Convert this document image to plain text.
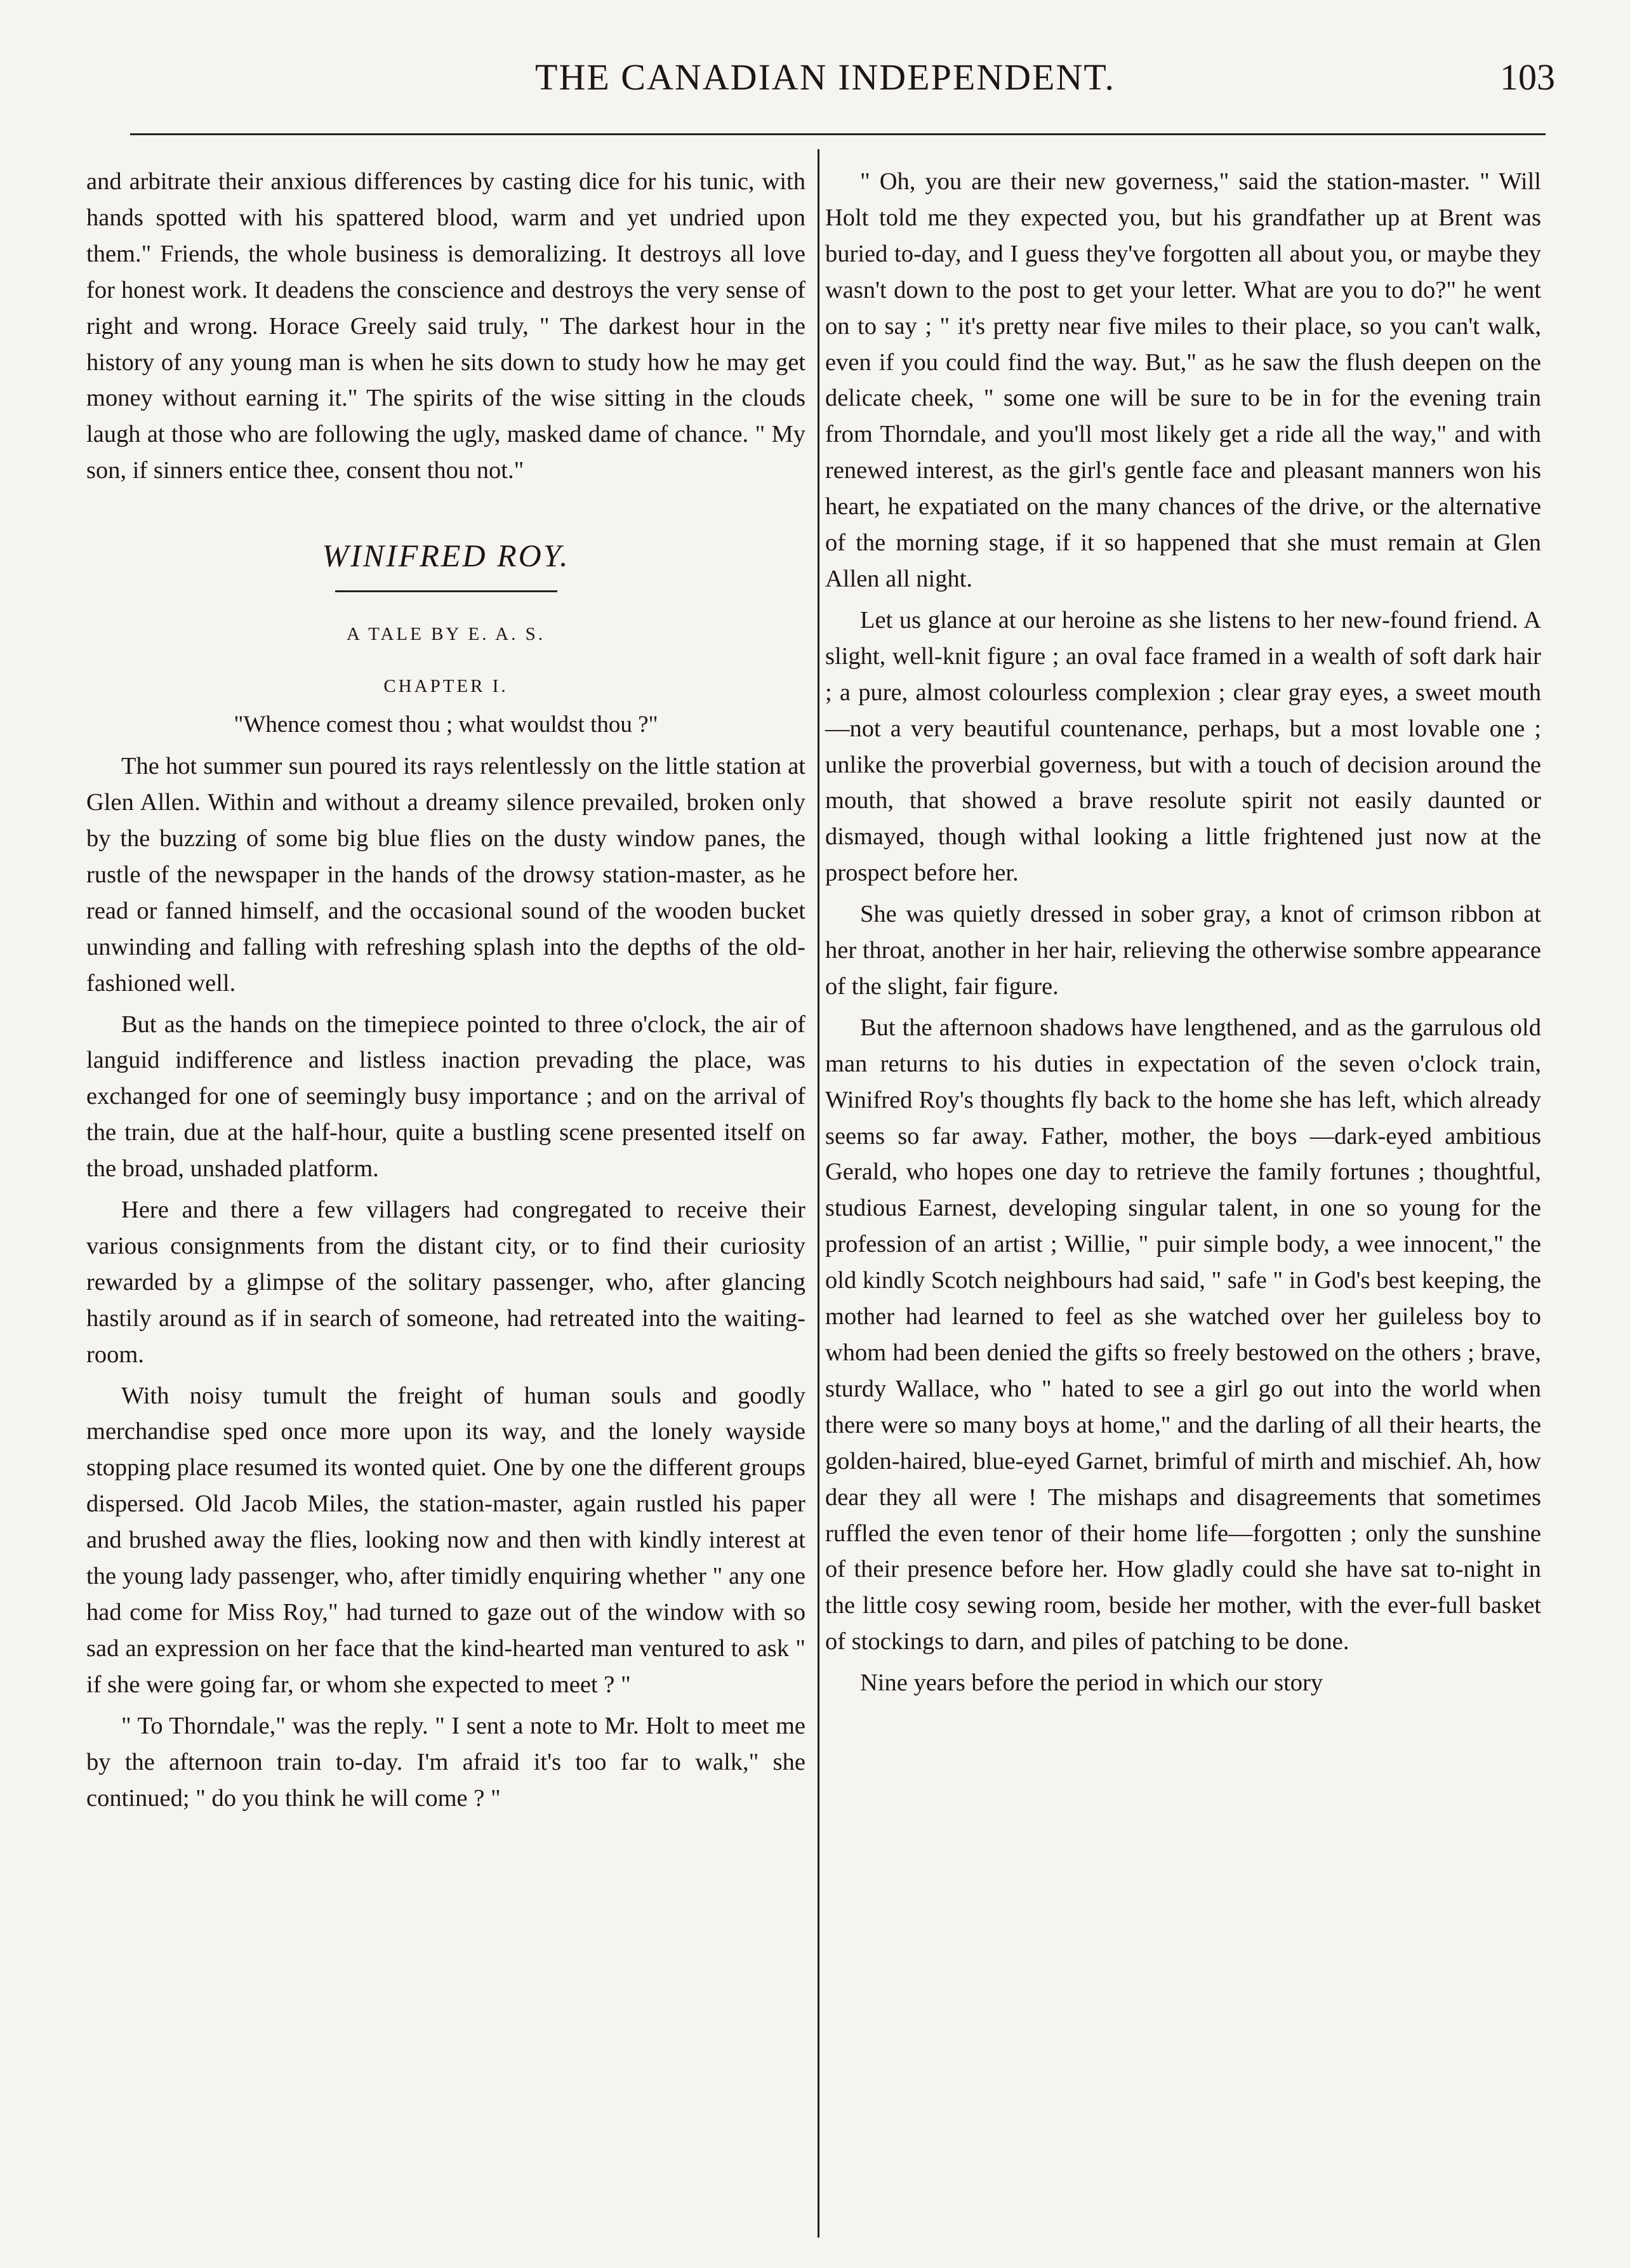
THE CANADIAN INDEPENDENT.	103

and arbitrate their anxious differences by casting dice for his tunic, with hands spotted with his spattered blood, warm and yet undried upon them." Friends, the whole business is demoralizing. It destroys all love for honest work. It deadens the conscience and destroys the very sense of right and wrong. Horace Greely said truly, " The darkest hour in the history of any young man is when he sits down to study how he may get money without earning it." The spirits of the wise sitting in the clouds laugh at those who are following the ugly, masked dame of chance. " My son, if sinners entice thee, consent thou not."

WINIFRED ROY.
A TALE BY E. A. S.
CHAPTER I.
"Whence comest thou ; what wouldst thou ?"

The hot summer sun poured its rays relentlessly on the little station at Glen Allen. Within and without a dreamy silence prevailed, broken only by the buzzing of some big blue flies on the dusty window panes, the rustle of the newspaper in the hands of the drowsy station-master, as he read or fanned himself, and the occasional sound of the wooden bucket unwinding and falling with refreshing splash into the depths of the old-fashioned well.

But as the hands on the timepiece pointed to three o'clock, the air of languid indifference and listless inaction prevading the place, was exchanged for one of seemingly busy importance ; and on the arrival of the train, due at the half-hour, quite a bustling scene presented itself on the broad, unshaded platform.

Here and there a few villagers had congregated to receive their various consignments from the distant city, or to find their curiosity rewarded by a glimpse of the solitary passenger, who, after glancing hastily around as if in search of someone, had retreated into the waiting-room.

With noisy tumult the freight of human souls and goodly merchandise sped once more upon its way, and the lonely wayside stopping place resumed its wonted quiet. One by one the different groups dispersed. Old Jacob Miles, the station-master, again rustled his paper and brushed away the flies, looking now and then with kindly interest at the young lady passenger, who, after timidly enquiring whether " any one had come for Miss Roy," had turned to gaze out of the window with so sad an expression on her face that the kind-hearted man ventured to ask " if she were going far, or whom she expected to meet ? "

" To Thorndale," was the reply. " I sent a note to Mr. Holt to meet me by the afternoon train to-day. I'm afraid it's too far to walk," she continued; " do you think he will come ? "

" Oh, you are their new governess," said the station-master. " Will Holt told me they expected you, but his grandfather up at Brent was buried to-day, and I guess they've forgotten all about you, or maybe they wasn't down to the post to get your letter. What are you to do?" he went on to say ; " it's pretty near five miles to their place, so you can't walk, even if you could find the way. But," as he saw the flush deepen on the delicate cheek, " some one will be sure to be in for the evening train from Thorndale, and you'll most likely get a ride all the way," and with renewed interest, as the girl's gentle face and pleasant manners won his heart, he expatiated on the many chances of the drive, or the alternative of the morning stage, if it so happened that she must remain at Glen Allen all night.

Let us glance at our heroine as she listens to her new-found friend. A slight, well-knit figure ; an oval face framed in a wealth of soft dark hair ; a pure, almost colourless complexion ; clear gray eyes, a sweet mouth—not a very beautiful countenance, perhaps, but a most lovable one ; unlike the proverbial governess, but with a touch of decision around the mouth, that showed a brave resolute spirit not easily daunted or dismayed, though withal looking a little frightened just now at the prospect before her.

She was quietly dressed in sober gray, a knot of crimson ribbon at her throat, another in her hair, relieving the otherwise sombre appearance of the slight, fair figure.

But the afternoon shadows have lengthened, and as the garrulous old man returns to his duties in expectation of the seven o'clock train, Winifred Roy's thoughts fly back to the home she has left, which already seems so far away. Father, mother, the boys —dark-eyed ambitious Gerald, who hopes one day to retrieve the family fortunes ; thoughtful, studious Earnest, developing singular talent, in one so young for the profession of an artist ; Willie, " puir simple body, a wee innocent," the old kindly Scotch neighbours had said, " safe " in God's best keeping, the mother had learned to feel as she watched over her guileless boy to whom had been denied the gifts so freely bestowed on the others ; brave, sturdy Wallace, who " hated to see a girl go out into the world when there were so many boys at home," and the darling of all their hearts, the golden-haired, blue-eyed Garnet, brimful of mirth and mischief. Ah, how dear they all were ! The mishaps and disagreements that sometimes ruffled the even tenor of their home life—forgotten ; only the sunshine of their presence before her. How gladly could she have sat to-night in the little cosy sewing room, beside her mother, with the ever-full basket of stockings to darn, and piles of patching to be done.

Nine years before the period in which our story
